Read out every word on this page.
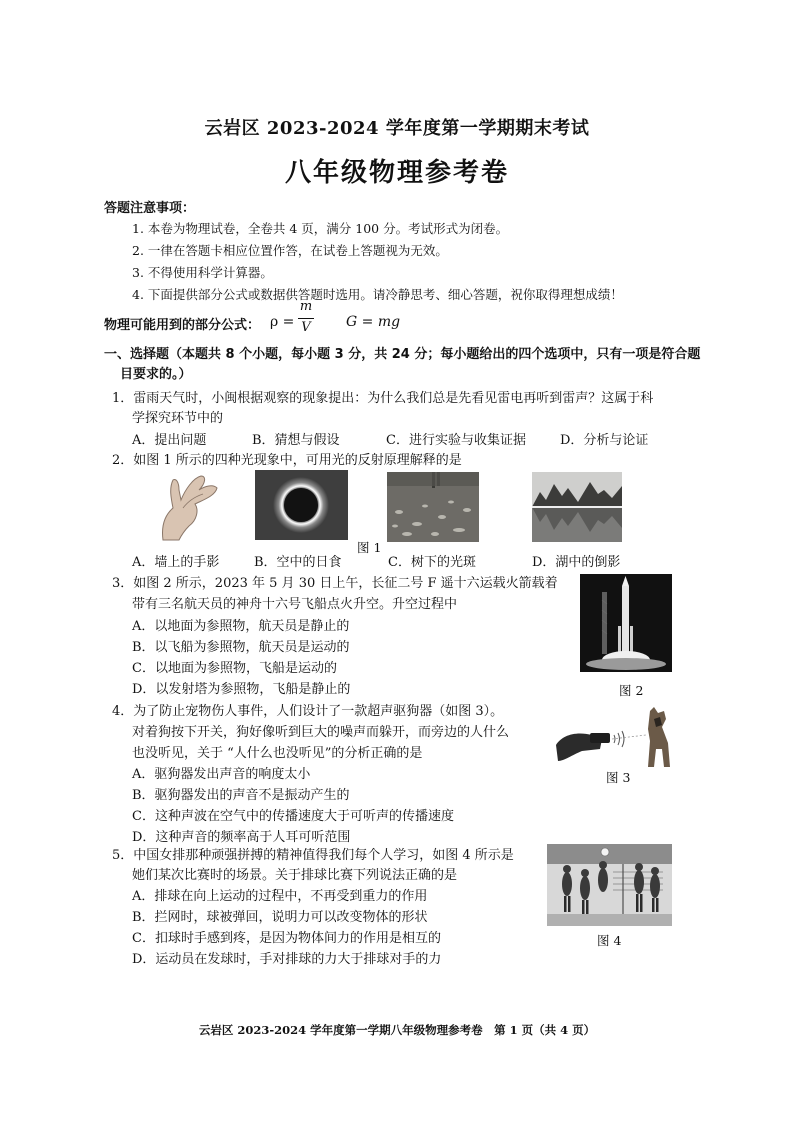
云岩区 2023-2024 学年度第一学期期末考试
八年级物理参考卷
答题注意事项：
1. 本卷为物理试卷，全卷共 4 页，满分 100 分。考试形式为闭卷。
2. 一律在答题卡相应位置作答，在试卷上答题视为无效。
3. 不得使用科学计算器。
4. 下面提供部分公式或数据供答题时选用。请冷静思考、细心答题，祝你取得理想成绩！
物理可能用到的部分公式： ρ =
m
V	G = mg
一、选择题（本题共 8 个小题，每小题 3 分，共 24 分；每小题给出的四个选项中，只有一项是符合题
目要求的。）
1．雷雨天气时，小闽根据观察的现象提出：为什么我们总是先看见雷电再听到雷声？这属于科
学探究环节中的
A．提出问题	B．猜想与假设	C．进行实验与收集证据	D．分析与论证
2．如图 1 所示的四种光现象中，可用光的反射原理解释的是
图 1
A．墙上的手影	B．空中的日食	C．树下的光斑	D．湖中的倒影
3．如图 2 所示，2023 年 5 月 30 日上午，长征二号 F 遥十六运载火箭载着
带有三名航天员的神舟十六号飞船点火升空。升空过程中
A．以地面为参照物，航天员是静止的
B．以飞船为参照物，航天员是运动的
C．以地面为参照物，飞船是运动的
D．以发射塔为参照物，飞船是静止的	图 2
4．为了防止宠物伤人事件，人们设计了一款超声驱狗器（如图 3）。
对着狗按下开关，狗好像听到巨大的噪声而躲开，而旁边的人什么
也没听见，关于 “人什么也没听见”的分析正确的是
A．驱狗器发出声音的响度太小
B．驱狗器发出的声音不是振动产生的
C．这种声波在空气中的传播速度大于可听声的传播速度
D．这种声音的频率高于人耳可听范围
图 3
5．中国女排那种顽强拼搏的精神值得我们每个人学习，如图 4 所示是
她们某次比赛时的场景。关于排球比赛下列说法正确的是
A．排球在向上运动的过程中，不再受到重力的作用
B．拦网时，球被弹回，说明力可以改变物体的形状
C．扣球时手感到疼，是因为物体间力的作用是相互的
D．运动员在发球时，手对排球的力大于排球对手的力
图 4
云岩区 2023-2024 学年度第一学期八年级物理参考卷　第 1 页（共 4 页）
